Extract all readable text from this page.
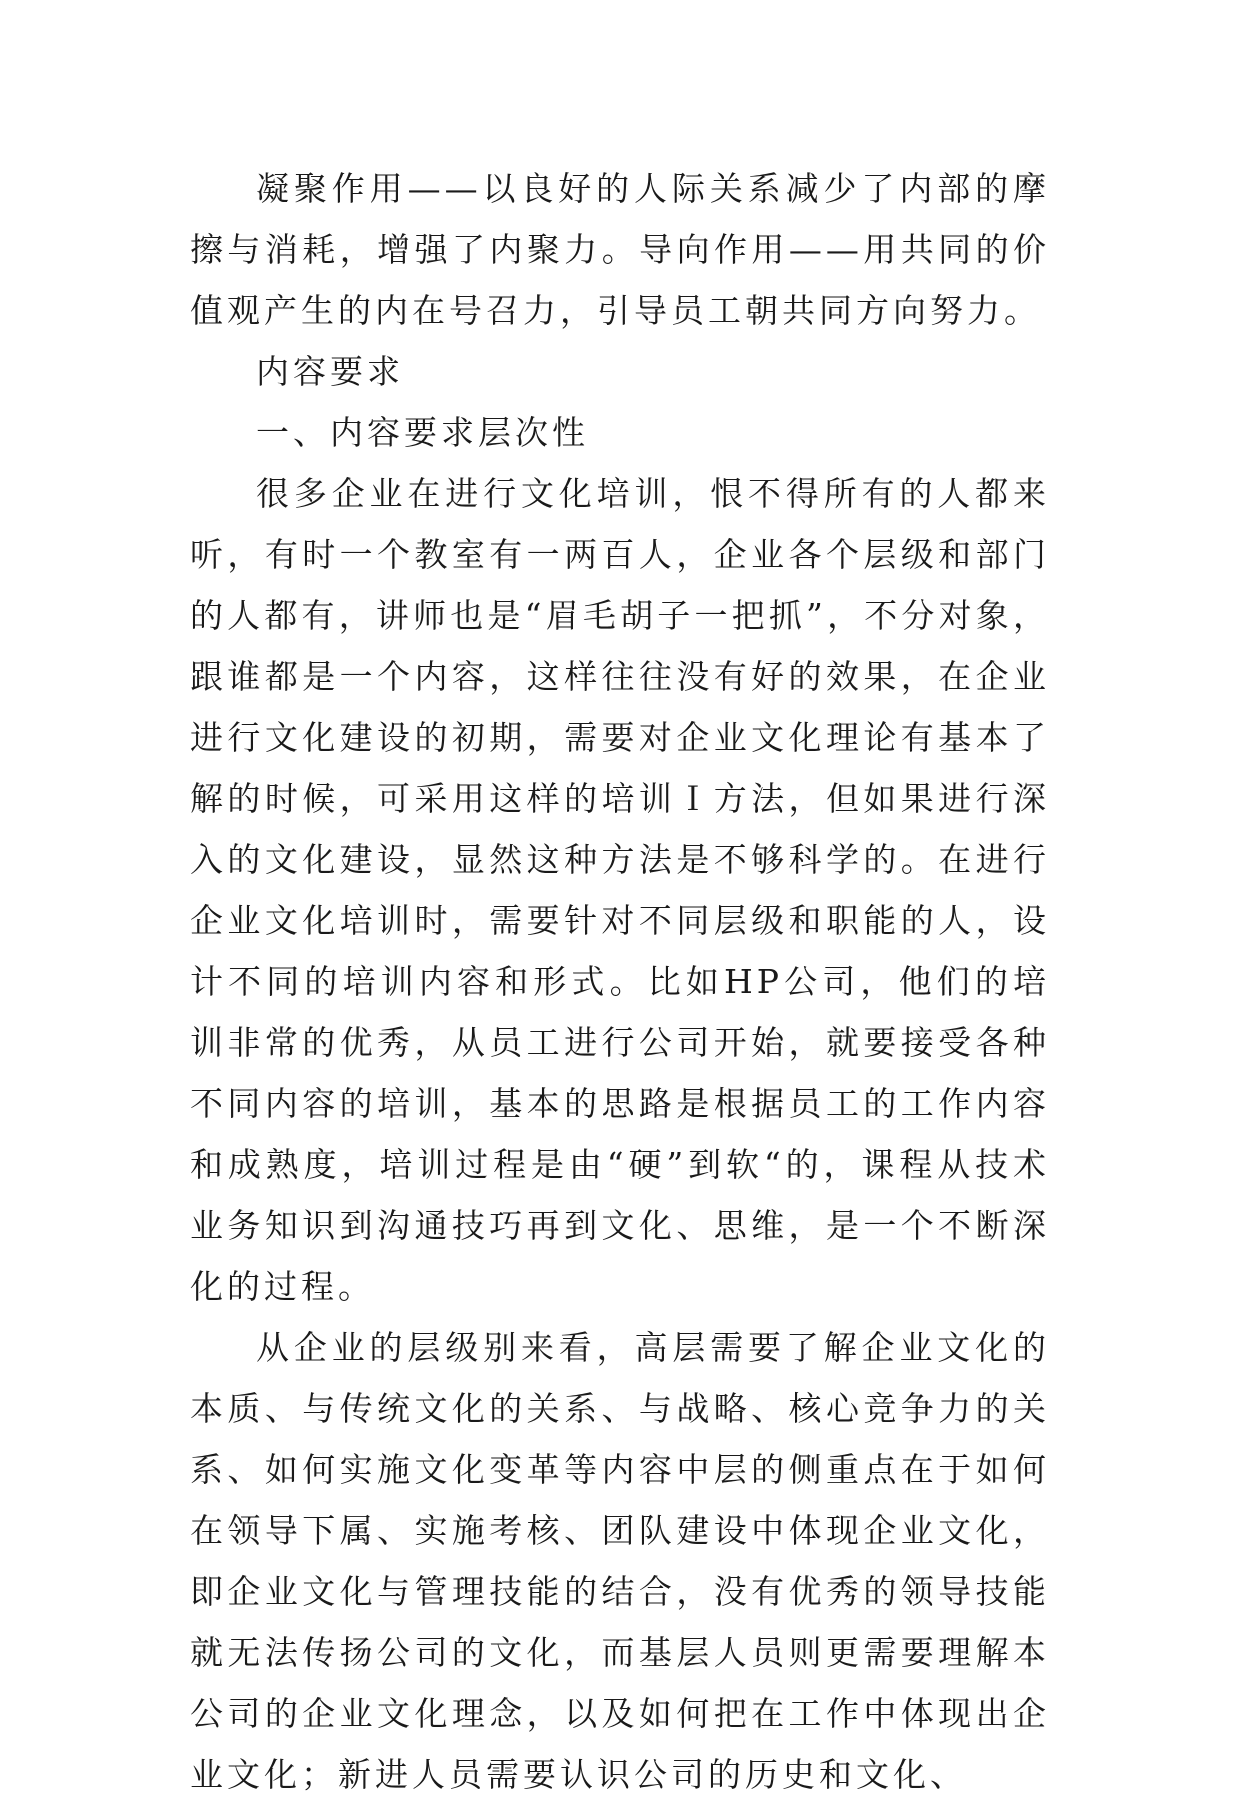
凝聚作用——以良好的人际关系减少了内部的摩擦与消耗，增强了内聚力。导向作用——用共同的价值观产生的内在号召力，引导员工朝共同方向努力。

内容要求

一、内容要求层次性

很多企业在进行文化培训，恨不得所有的人都来听，有时一个教室有一两百人，企业各个层级和部门的人都有，讲师也是“眉毛胡子一把抓”，不分对象，跟谁都是一个内容，这样往往没有好的效果，在企业进行文化建设的初期，需要对企业文化理论有基本了解的时候，可采用这样的培训Ｉ方法，但如果进行深入的文化建设，显然这种方法是不够科学的。在进行企业文化培训时，需要针对不同层级和职能的人，设计不同的培训内容和形式。比如HP公司，他们的培训非常的优秀，从员工进行公司开始，就要接受各种不同内容的培训，基本的思路是根据员工的工作内容和成熟度，培训过程是由“硬”到软“的，课程从技术业务知识到沟通技巧再到文化、思维，是一个不断深化的过程。

从企业的层级别来看，高层需要了解企业文化的本质、与传统文化的关系、与战略、核心竞争力的关系、如何实施文化变革等内容中层的侧重点在于如何在领导下属、实施考核、团队建设中体现企业文化，即企业文化与管理技能的结合，没有优秀的领导技能就无法传扬公司的文化，而基层人员则更需要理解本公司的企业文化理念，以及如何把在工作中体现出企业文化；新进人员需要认识公司的历史和文化、
